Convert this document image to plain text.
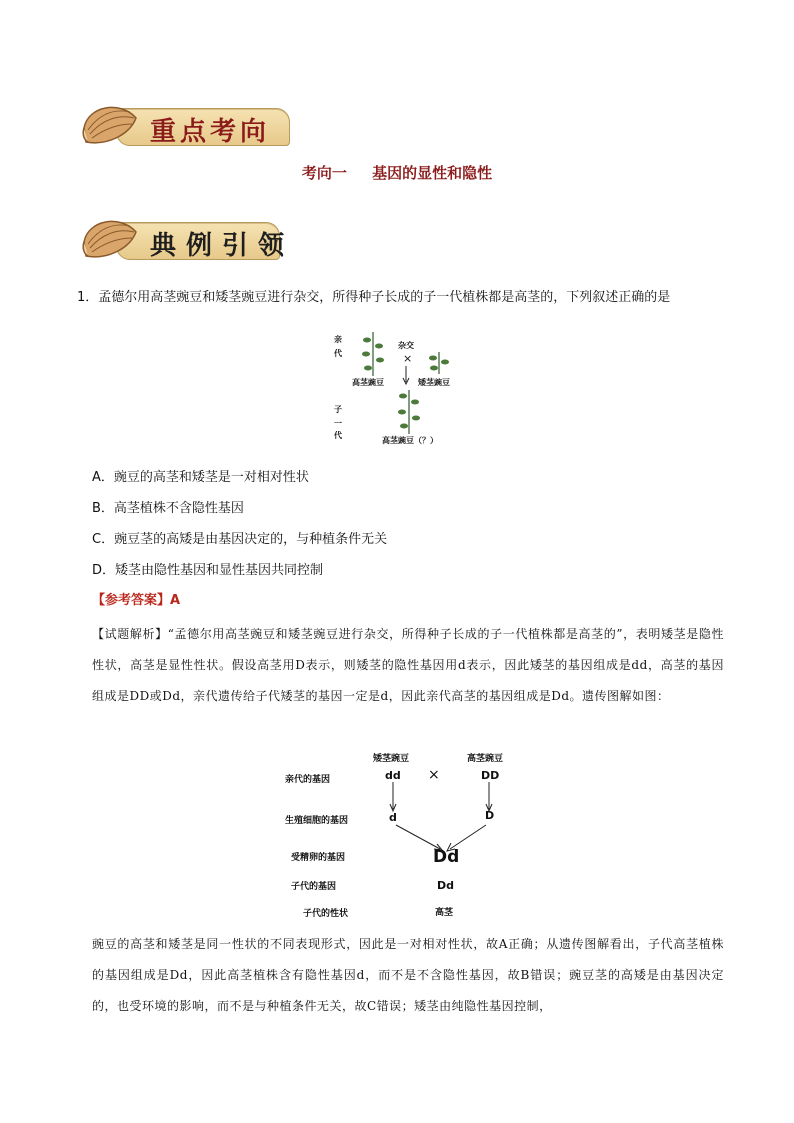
重点考向
考向一 基因的显性和隐性
典例引领
1．孟德尔用高茎豌豆和矮茎豌豆进行杂交，所得种子长成的子一代植株都是高茎的，下列叙述正确的是
亲
代
杂交
×
高茎豌豆	矮茎豌豆
子
一
代
高茎豌豆（？）
A．豌豆的高茎和矮茎是一对相对性状
B．高茎植株不含隐性基因
C．豌豆茎的高矮是由基因决定的，与种植条件无关
D．矮茎由隐性基因和显性基因共同控制
【参考答案】A

【试题解析】“孟德尔用高茎豌豆和矮茎豌豆进行杂交，所得种子长成的子一代植株都是高茎的”，表明矮茎是隐性性状，高茎是显性性状。假设高茎用D表示，则矮茎的隐性基因用d表示，因此矮茎的基因组成是dd，高茎的基因组成是DD或Dd，亲代遗传给子代矮茎的基因一定是d，因此亲代高茎的基因组成是Dd。遗传图解如图：

矮茎豌豆	高茎豌豆
亲代的基因	dd ×	DD
生殖细胞的基因	d	D
受精卵的基因	Dd
子代的基因	Dd
子代的性状	高茎

豌豆的高茎和矮茎是同一性状的不同表现形式，因此是一对相对性状，故A正确；从遗传图解看出，子代高茎植株的基因组成是Dd，因此高茎植株含有隐性基因d，而不是不含隐性基因，故B错误；豌豆茎的高矮是由基因决定的，也受环境的影响，而不是与种植条件无关，故C错误；矮茎由纯隐性基因控制，
